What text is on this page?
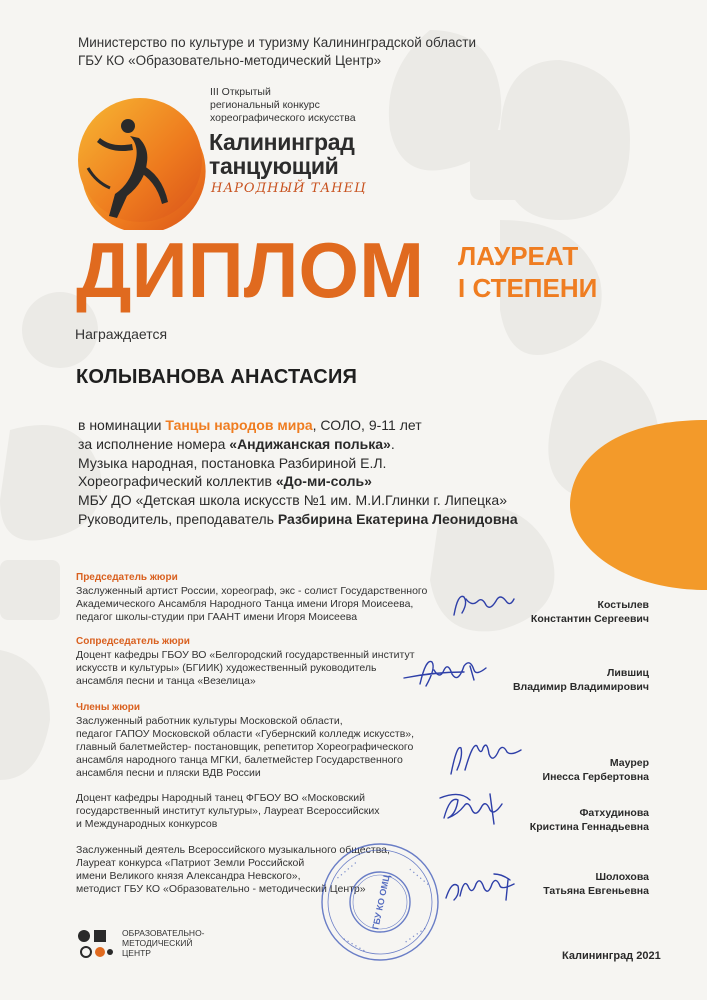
Министерство по культуре и туризму Калининградской области
ГБУ КО «Образовательно-методический Центр»
III Открытый
региональный конкурс
хореографического искусства
Калининград
танцующий
НАРОДНЫЙ ТАНЕЦ
ДИПЛОМ ЛАУРЕАТ
I СТЕПЕНИ
Награждается
КОЛЫВАНОВА АНАСТАСИЯ
в номинации Танцы народов мира, СОЛО, 9-11 лет
за исполнение номера «Андижанская полька».
Музыка народная, постановка Разбириной Е.Л.
Хореографический коллектив «До-ми-соль»
МБУ ДО «Детская школа искусств №1 им. М.И.Глинки г. Липецка»
Руководитель, преподаватель Разбирина Екатерина Леонидовна
Председатель жюри
Заслуженный артист России, хореограф, экс - солист Государственного
Академического Ансамбля Народного Танца имени Игоря Моисеева,
педагог школы-студии при ГААНТ имени Игоря Моисеева
Костылев
Константин Сергеевич
Сопредседатель жюри
Доцент кафедры ГБОУ ВО «Белгородский государственный институт
искусств и культуры» (БГИИК) художественный руководитель
ансамбля песни и танца «Везелица»
Лившиц
Владимир Владимирович
Члены жюри
Заслуженный работник культуры Московской области,
педагог ГАПОУ Московской области «Губернский колледж искусств»,
главный балетмейстер- постановщик, репетитор Хореографического
ансамбля народного танца МГКИ, балетмейстер Государственного
ансамбля песни и пляски ВДВ России
Маурер
Инесса Гербертовна
Доцент кафедры Народный танец ФГБОУ ВО «Московский
государственный институт культуры», Лауреат Всероссийских
и Международных конкурсов
Фатхудинова
Кристина Геннадьевна
Заслуженный деятель Всероссийского музыкального общества,
Лауреат конкурса «Патриот Земли Российской
имени Великого князя Александра Невского»,
методист ГБУ КО «Образовательно - методический Центр»
• • • • • •	• • • • • •
• • • • • •	• • • • • •
ГБУ КО ОМЦ	Шолохова
Татьяна Евгеньевна
ОБРАЗОВАТЕЛЬНО-
МЕТОДИЧЕСКИЙ
ЦЕНТР	Калининград 2021
